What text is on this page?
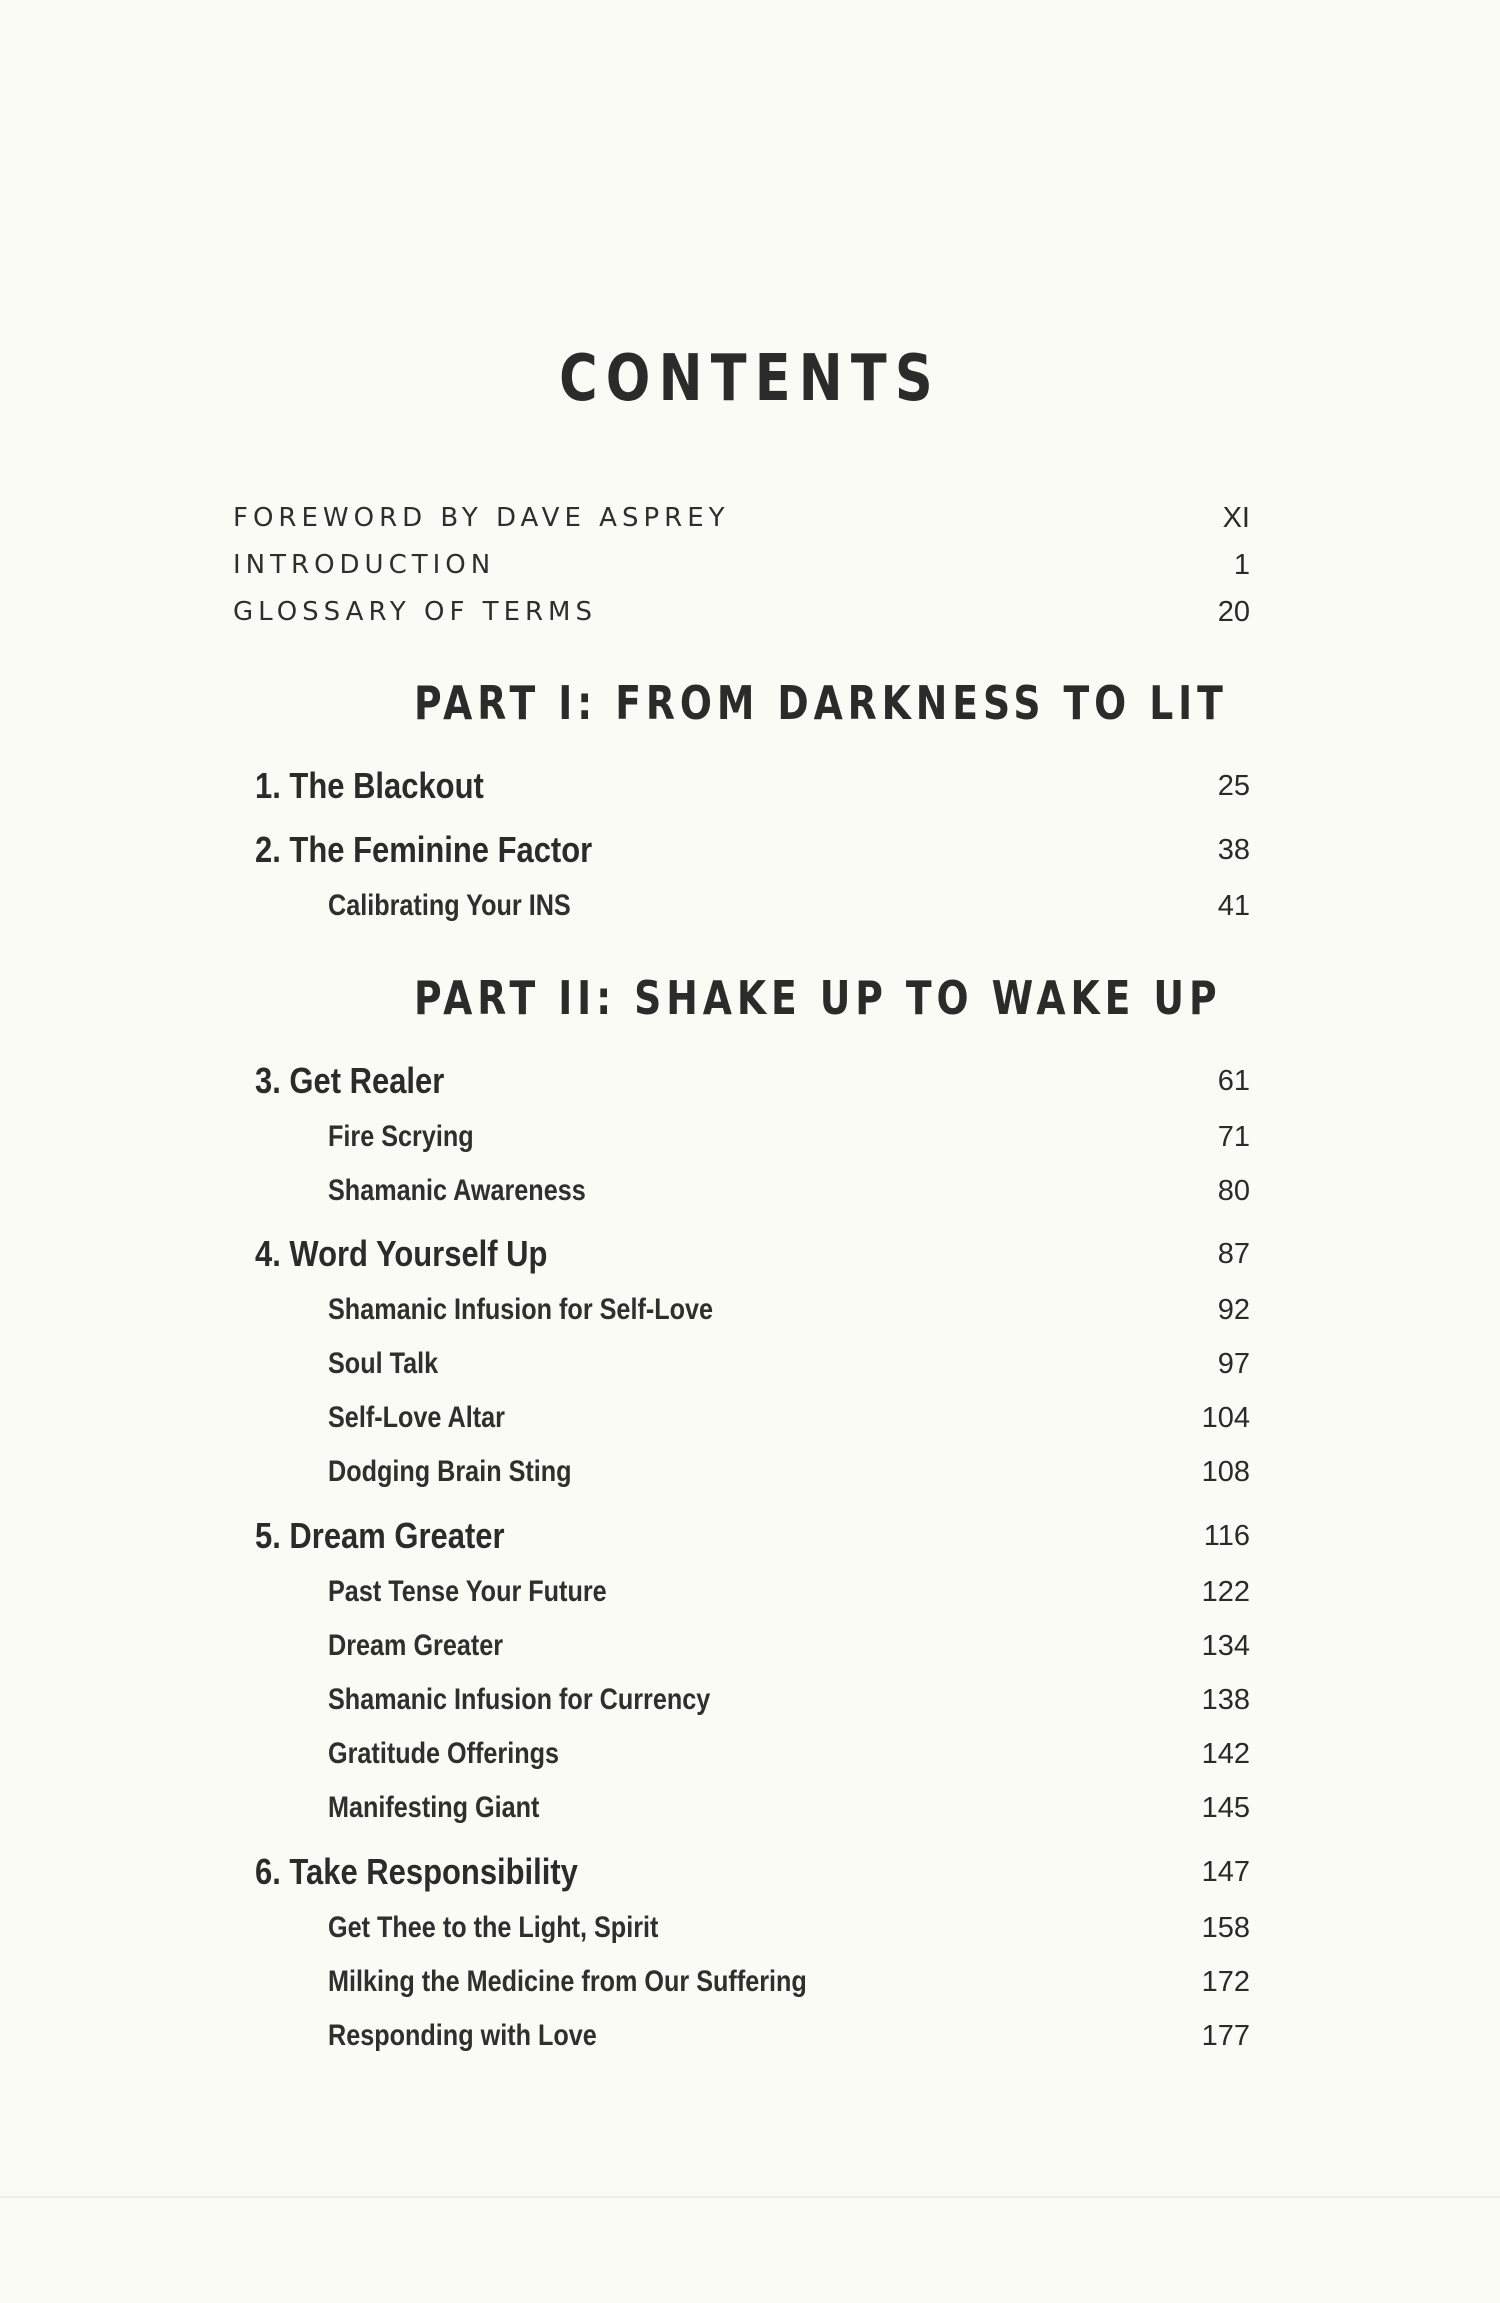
CONTENTS
FOREWORD BY DAVE ASPREY	XI
INTRODUCTION	1
GLOSSARY OF TERMS	20
PART I: FROM DARKNESS TO LIT
1. The Blackout	25
2. The Feminine Factor	38
Calibrating Your INS	41
PART II: SHAKE UP TO WAKE UP
3. Get Realer	61
Fire Scrying	71
Shamanic Awareness	80
4. Word Yourself Up	87
Shamanic Infusion for Self-Love	92
Soul Talk	97
Self-Love Altar	104
Dodging Brain Sting	108
5. Dream Greater	116
Past Tense Your Future	122
Dream Greater	134
Shamanic Infusion for Currency	138
Gratitude Offerings	142
Manifesting Giant	145
6. Take Responsibility	147
Get Thee to the Light, Spirit	158
Milking the Medicine from Our Suffering	172
Responding with Love	177
